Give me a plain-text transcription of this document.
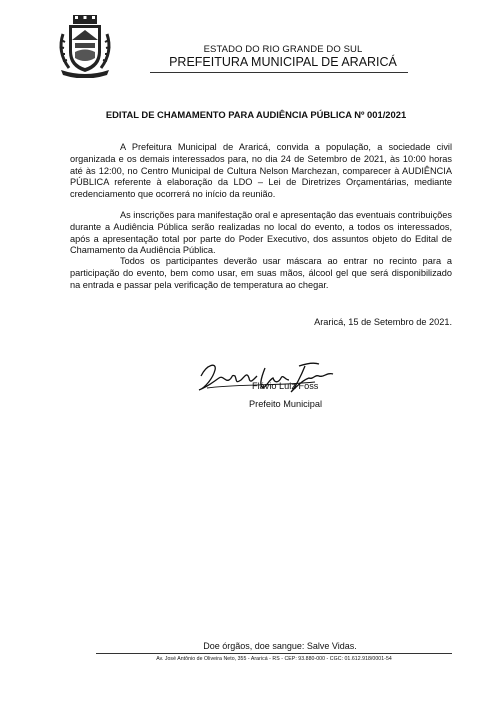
ESTADO DO RIO GRANDE DO SUL
PREFEITURA MUNICIPAL DE ARARICÁ
EDITAL DE CHAMAMENTO PARA AUDIÊNCIA PÚBLICA Nº 001/2021

A Prefeitura Municipal de Araricá, convida a população, a sociedade civil organizada e os demais interessados para, no dia 24 de Setembro de 2021, às 10:00 horas até às 12:00, no Centro Municipal de Cultura Nelson Marchezan, comparecer à AUDIÊNCIA PÚBLICA referente à elaboração da LDO – Lei de Diretrizes Orçamentárias, mediante credenciamento que ocorrerá no início da reunião.

As inscrições para manifestação oral e apresentação das eventuais contribuições durante a Audiência Pública serão realizadas no local do evento, a todos os interessados, após a apresentação total por parte do Poder Executivo, dos assuntos objeto do Edital de Chamamento da Audiência Pública.

Todos os participantes deverão usar máscara ao entrar no recinto para a participação do evento, bem como usar, em suas mãos, álcool gel que será disponibilizado na entrada e passar pela verificação de temperatura ao chegar.

Araricá, 15 de Setembro de 2021.
Flávio Luiz Foss
Prefeito Municipal
Doe órgãos, doe sangue: Salve Vidas.
Av. José Antônio de Oliveira Neto, 355 - Araricá - RS - CEP: 93.880-000 - CGC: 01.612.918/0001-54
